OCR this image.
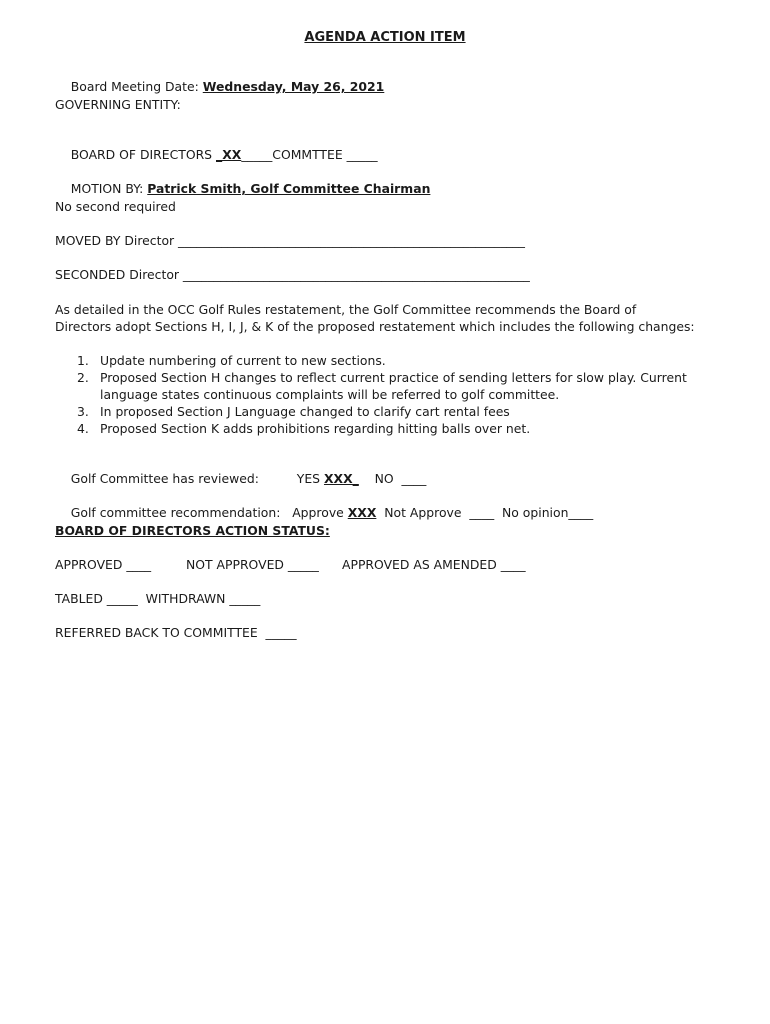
AGENDA ACTION ITEM

Board Meeting Date: Wednesday, May 26, 2021

GOVERNING ENTITY:

BOARD OF DIRECTORS _XX_____COMMTTEE _____

MOTION BY: Patrick Smith, Golf Committee Chairman

No second required
MOVED BY Director ________________________________________________________
SECONDED Director ________________________________________________________
As detailed in the OCC Golf Rules restatement, the Golf Committee recommends the Board of Directors adopt Sections H, I, J, & K of the proposed restatement which includes the following changes:
1. Update numbering of current to new sections.
2. Proposed Section H changes to reflect current practice of sending letters for slow play. Current language states continuous complaints will be referred to golf committee.
3. In proposed Section J Language changed to clarify cart rental fees
4. Proposed Section K adds prohibitions regarding hitting balls over net.

Golf Committee has reviewed:
	YES XXX_ NO  ____

Golf committee recommendation:   Approve XXX  Not Approve  ____  No opinion____

BOARD OF DIRECTORS ACTION STATUS:
APPROVED ____	NOT APPROVED _____ APPROVED AS AMENDED ____
TABLED _____  WITHDRAWN _____
REFERRED BACK TO COMMITTEE  _____
